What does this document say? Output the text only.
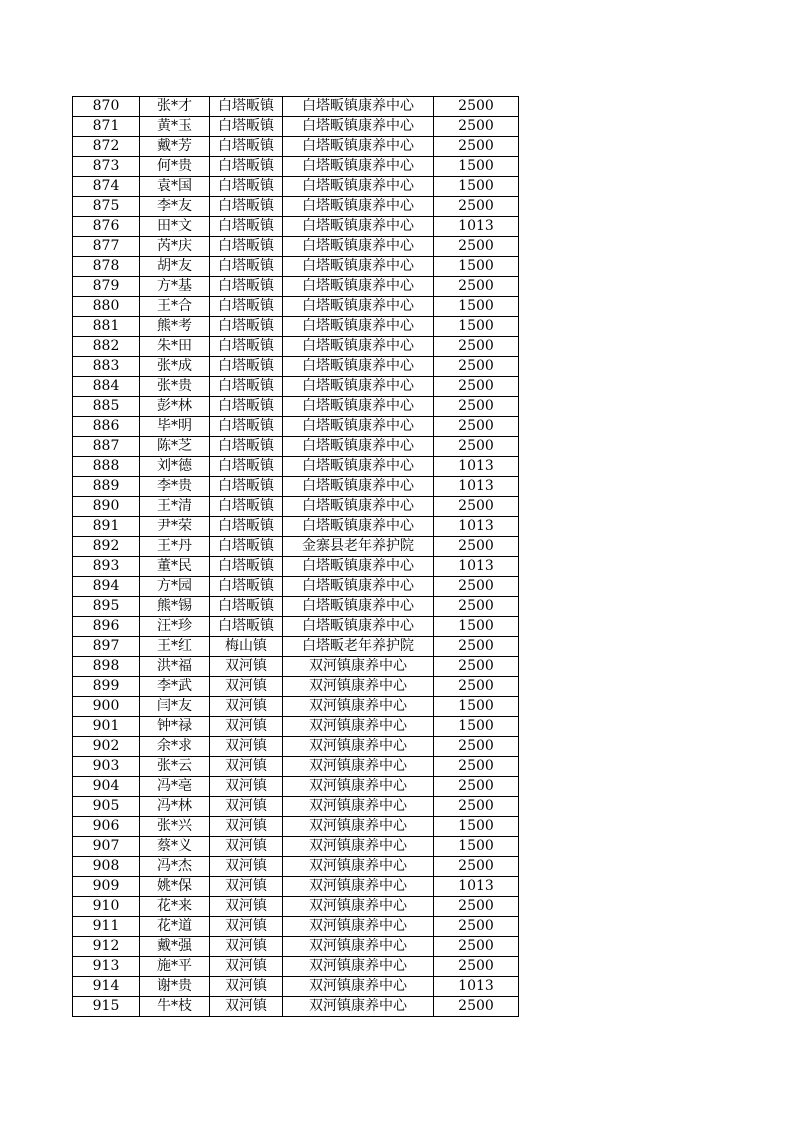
870	张*才	白塔畈镇	白塔畈镇康养中心	2500
871	黄*玉	白塔畈镇	白塔畈镇康养中心	2500
872	戴*芳	白塔畈镇	白塔畈镇康养中心	2500
873	何*贵	白塔畈镇	白塔畈镇康养中心	1500
874	袁*国	白塔畈镇	白塔畈镇康养中心	1500
875	李*友	白塔畈镇	白塔畈镇康养中心	2500
876	田*文	白塔畈镇	白塔畈镇康养中心	1013
877	芮*庆	白塔畈镇	白塔畈镇康养中心	2500
878	胡*友	白塔畈镇	白塔畈镇康养中心	1500
879	方*基	白塔畈镇	白塔畈镇康养中心	2500
880	王*合	白塔畈镇	白塔畈镇康养中心	1500
881	熊*考	白塔畈镇	白塔畈镇康养中心	1500
882	朱*田	白塔畈镇	白塔畈镇康养中心	2500
883	张*成	白塔畈镇	白塔畈镇康养中心	2500
884	张*贵	白塔畈镇	白塔畈镇康养中心	2500
885	彭*林	白塔畈镇	白塔畈镇康养中心	2500
886	毕*明	白塔畈镇	白塔畈镇康养中心	2500
887	陈*芝	白塔畈镇	白塔畈镇康养中心	2500
888	刘*德	白塔畈镇	白塔畈镇康养中心	1013
889	李*贵	白塔畈镇	白塔畈镇康养中心	1013
890	王*清	白塔畈镇	白塔畈镇康养中心	2500
891	尹*荣	白塔畈镇	白塔畈镇康养中心	1013
892	王*丹	白塔畈镇	金寨县老年养护院	2500
893	董*民	白塔畈镇	白塔畈镇康养中心	1013
894	方*园	白塔畈镇	白塔畈镇康养中心	2500
895	熊*锡	白塔畈镇	白塔畈镇康养中心	2500
896	汪*珍	白塔畈镇	白塔畈镇康养中心	1500
897	王*红	梅山镇	白塔畈老年养护院	2500
898	洪*福	双河镇	双河镇康养中心	2500
899	李*武	双河镇	双河镇康养中心	2500
900	闫*友	双河镇	双河镇康养中心	1500
901	钟*禄	双河镇	双河镇康养中心	1500
902	余*求	双河镇	双河镇康养中心	2500
903	张*云	双河镇	双河镇康养中心	2500
904	冯*亳	双河镇	双河镇康养中心	2500
905	冯*林	双河镇	双河镇康养中心	2500
906	张*兴	双河镇	双河镇康养中心	1500
907	蔡*义	双河镇	双河镇康养中心	1500
908	冯*杰	双河镇	双河镇康养中心	2500
909	姚*保	双河镇	双河镇康养中心	1013
910	花*来	双河镇	双河镇康养中心	2500
911	花*道	双河镇	双河镇康养中心	2500
912	戴*强	双河镇	双河镇康养中心	2500
913	施*平	双河镇	双河镇康养中心	2500
914	谢*贵	双河镇	双河镇康养中心	1013
915	牛*枝	双河镇	双河镇康养中心	2500
